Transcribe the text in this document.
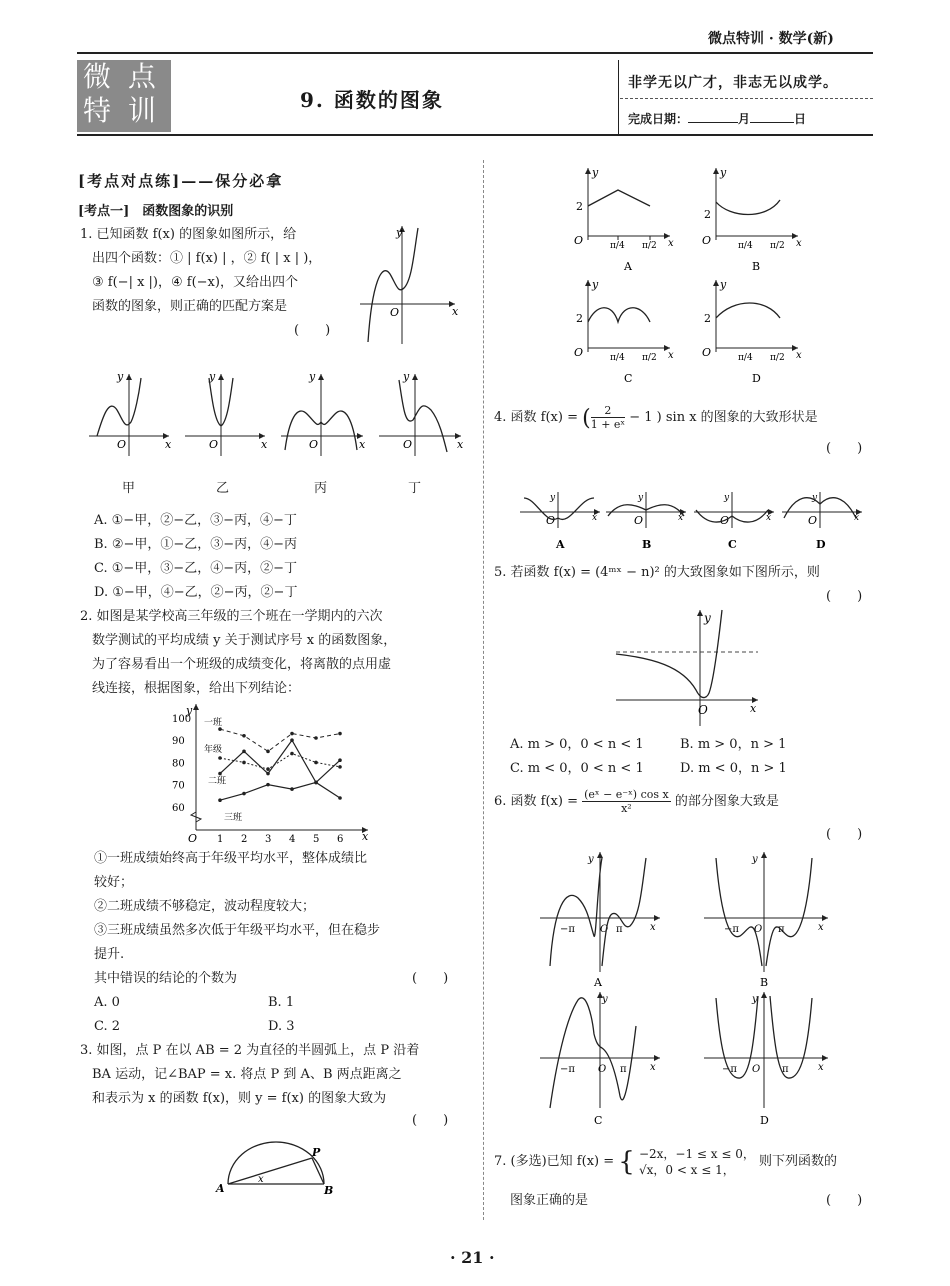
微点特训 · 数学(新)
微 点
特 训	9. 函数的图象
非学无以广才，非志无以成学。
完成日期：	月	日
[考点对点练]——保分必拿
[考点一]　函数图象的识别
1. 已知函数 f(x) 的图象如图所示，给
出四个函数：① | f(x) | ，② f( | x | )，
③ f(−| x |)，④ f(−x)，又给出四个
函数的图象，则正确的匹配方案是
(　　)
y
x
O
y
x
O
y
x
O
y
x
O
y
x
O
甲	乙	丙	丁
A. ①−甲，②−乙，③−丙，④−丁
B. ②−甲，①−乙，③−丙，④−丙
C. ①−甲，③−乙，④−丙，②−丁
D. ①−甲，④−乙，②−丙，②−丁
2. 如图是某学校高三年级的三个班在一学期内的六次
数学测试的平均成绩 y 关于测试序号 x 的函数图象，
为了容易看出一个班级的成绩变化，将离散的点用虚
线连接，根据图象，给出下列结论：
y
x
O
60
70
80
90
100
1 2 3 4 5 6
一班
年级
二班
三班
①一班成绩始终高于年级平均水平，整体成绩比
较好；
②二班成绩不够稳定，波动程度较大；
③三班成绩虽然多次低于年级平均水平，但在稳步
提升.
其中错误的结论的个数为	(　　)
A. 0	B. 1
C. 2	D. 3
3. 如图，点 P 在以 AB = 2 为直径的半圆弧上，点 P 沿着
BA 运动，记∠BAP = x. 将点 P 到 A、B 两点距离之
和表示为 x 的函数 f(x)，则 y = f(x) 的图象大致为
(　　)
A	B
P
x
y
x
O
2
π/4 π/2
y
x
O
2
π/4 π/2
y
x
O
2
π/4 π/2
y
x
O
2
π/4 π/2
A	B
C	D
4. 函数 f(x) = ( $\frac{2}{\text{1 + eˣ}} - 1$ ) sin x 的图象的大致形状是
(　　)
y
O	x
y
O	x
y
O	x
y
O	x
A	B	C	D
5. 若函数 f(x) = (4ᵐˣ − n)² 的大致图象如下图所示，则
(　　)
y
x
O
A. m > 0，0 < n < 1	B. m > 0，n > 1
C. m < 0，0 < n < 1	D. m < 0，n > 1
6. 函数 $f(x) = \frac{\text{(eˣ − e⁻ˣ) cos x}}{\text{x²}}$ 的部分图象大致是
(　　)
y
x
O
−π	π
y
x
O
−π	π
y
x
O
−π	π
y
x
O
−π	π
A	B
C	D
7. (多选)已知 f(x) = { −2x，−1 ≤ x ≤ 0，
√x，0 < x ≤ 1，
则下列函数的
图象正确的是	(　　)
· 21 ·
